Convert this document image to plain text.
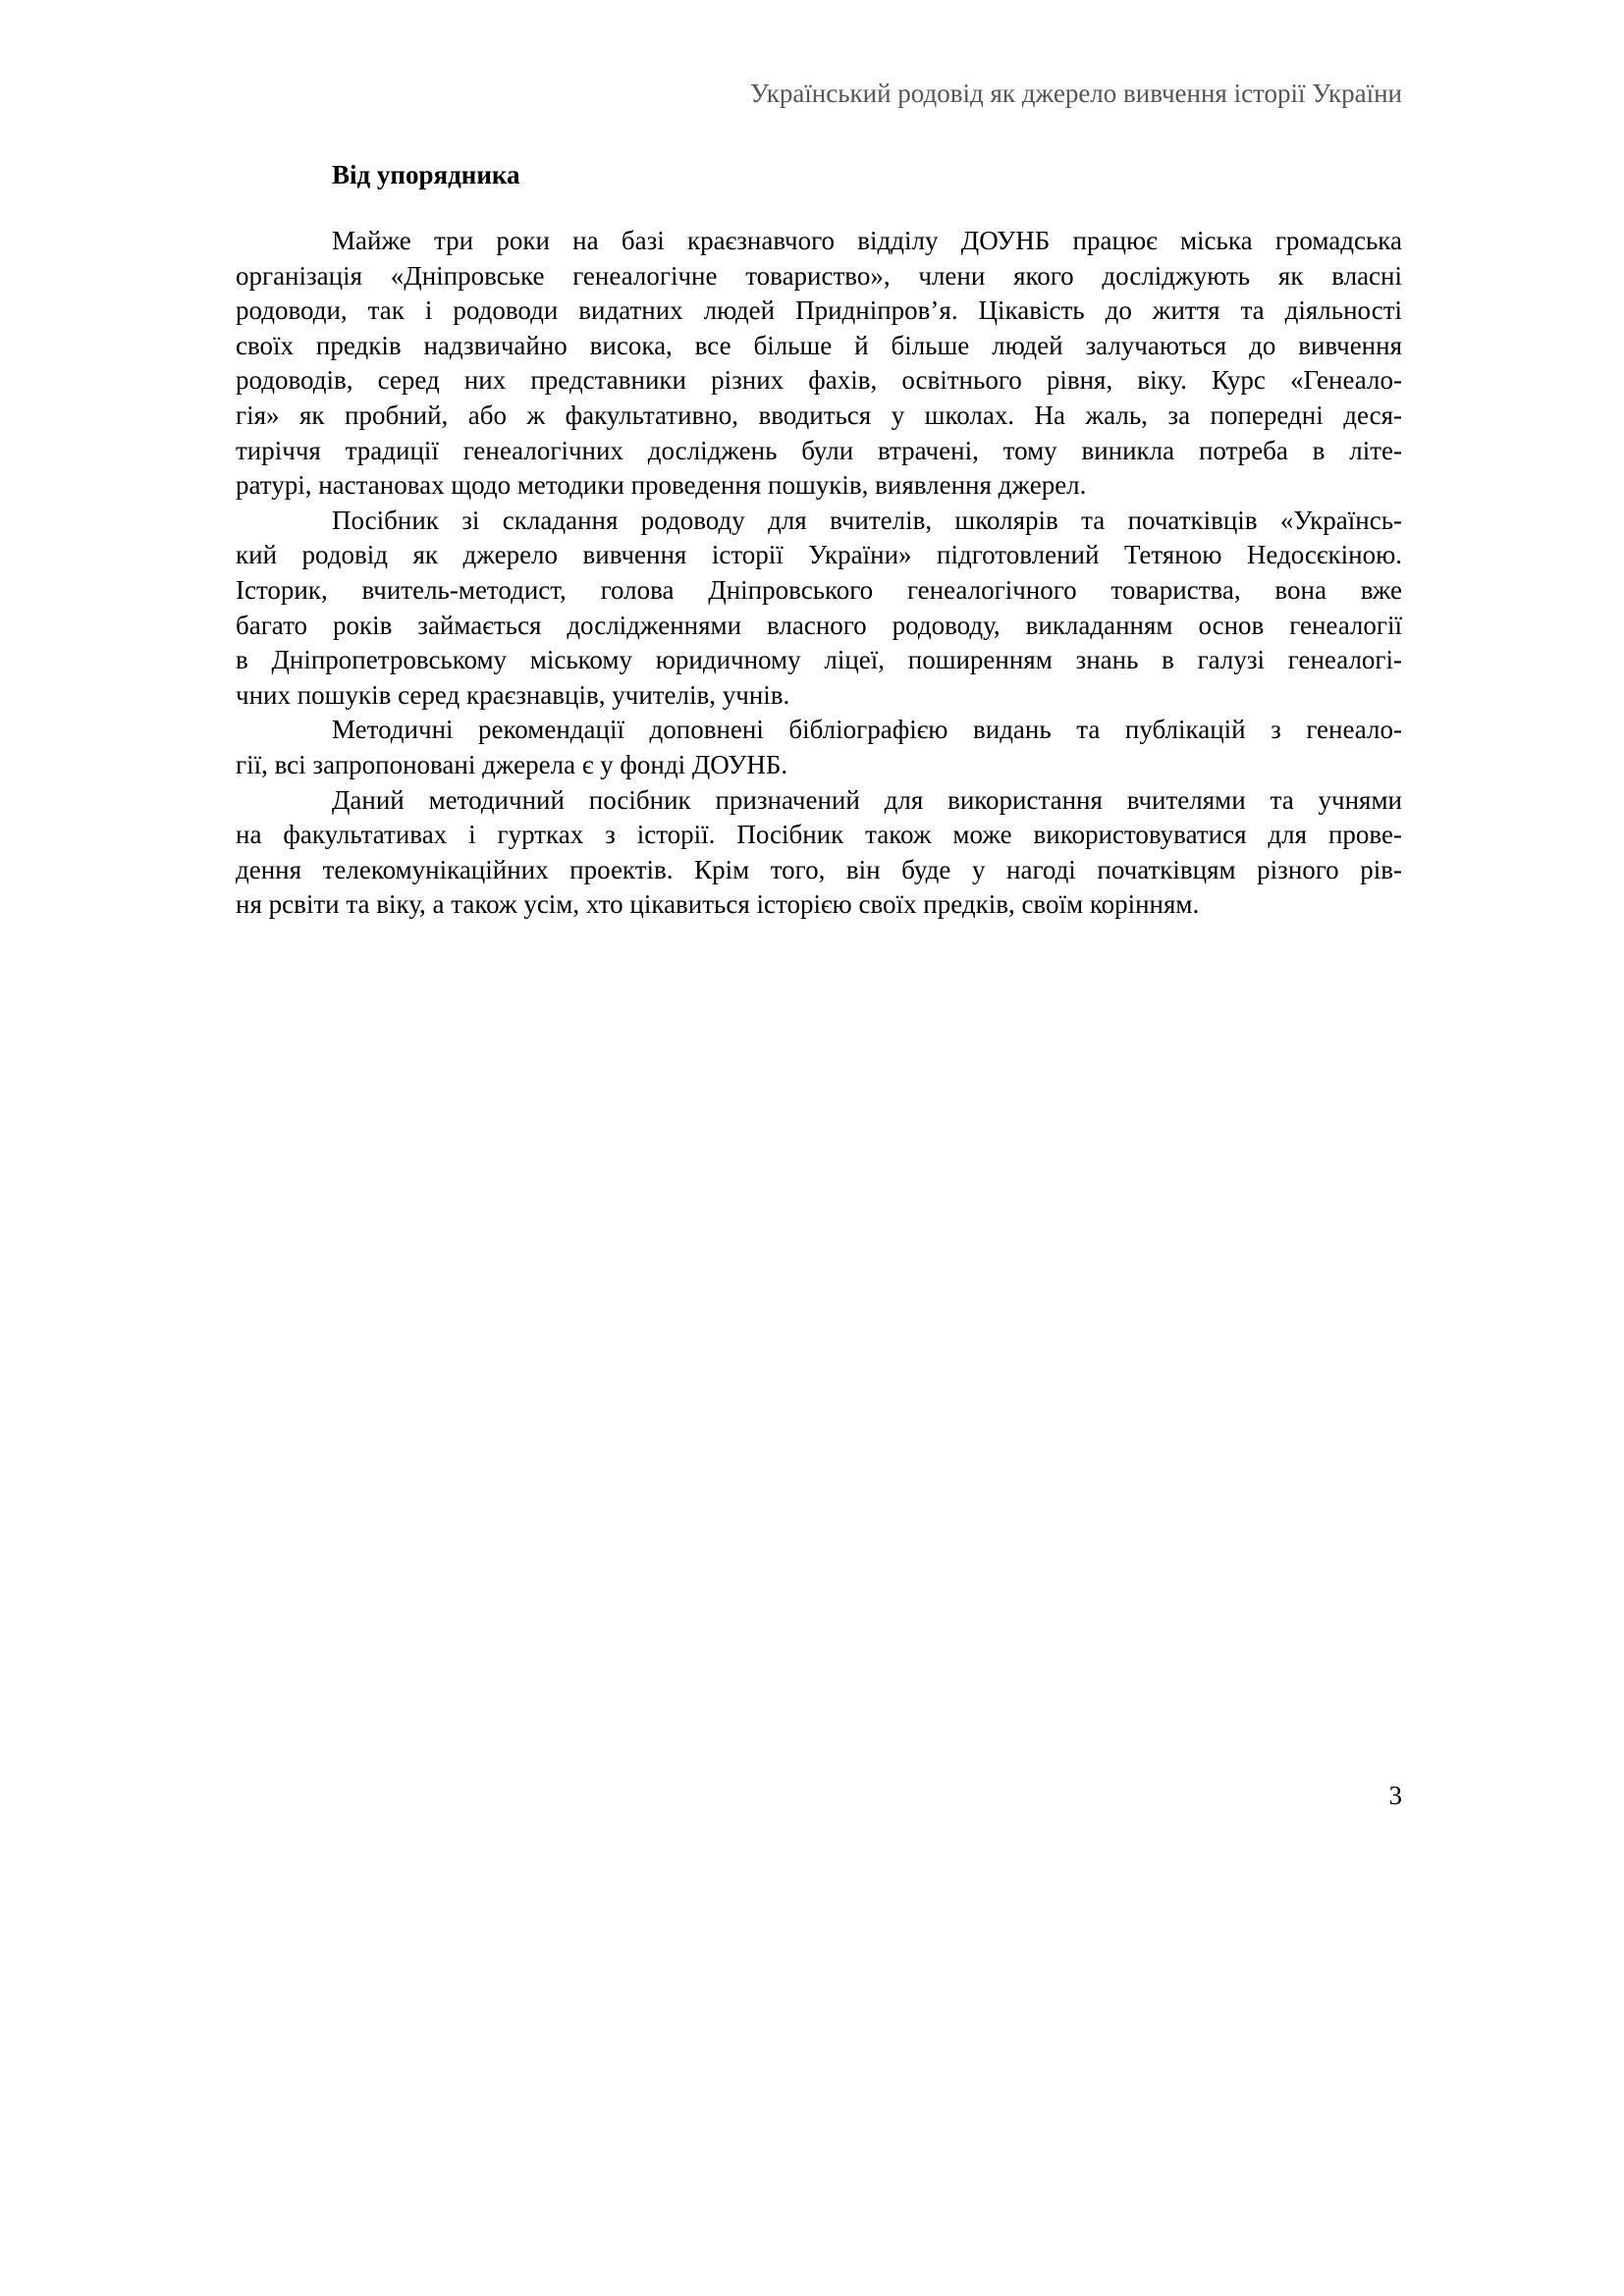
Український родовід як джерело вивчення історії України
Від упорядника
Майже три роки на базі краєзнавчого відділу ДОУНБ працює міська громадська
організація «Дніпровське генеалогічне товариство», члени якого досліджують як власні
родоводи, так і родоводи видатних людей Придніпров’я. Цікавість до життя та діяльності
своїх предків надзвичайно висока, все більше й більше людей залучаються до вивчення
родоводів, серед них представники різних фахів, освітнього рівня, віку. Курс «Генеало-
гія» як пробний, або ж факультативно, вводиться у школах. На жаль, за попередні деся-
тиріччя традиції генеалогічних досліджень були втрачені, тому виникла потреба в літе-
ратурі, настановах щодо методики проведення пошуків, виявлення джерел.
Посібник зі складання родоводу для вчителів, школярів та початківців «Українсь-
кий родовід як джерело вивчення історії України» підготовлений Тетяною Недосєкіною.
Історик, вчитель-методист, голова Дніпровського генеалогічного товариства, вона вже
багато років займається дослідженнями власного родоводу, викладанням основ генеалогії
в Дніпропетровському міському юридичному ліцеї, поширенням знань в галузі генеалогі-
чних пошуків серед краєзнавців, учителів, учнів.
Методичні рекомендації доповнені бібліографією видань та публікацій з генеало-
гії, всі запропоновані джерела є у фонді ДОУНБ.
Даний методичний посібник призначений для використання вчителями та учнями
на факультативах і гуртках з історії. Посібник також може використовуватися для прове-
дення телекомунікаційних проектів. Крім того, він буде у нагоді початківцям різного рів-
ня рсвіти та віку, а також усім, хто цікавиться історією своїх предків, своїм корінням.
3
